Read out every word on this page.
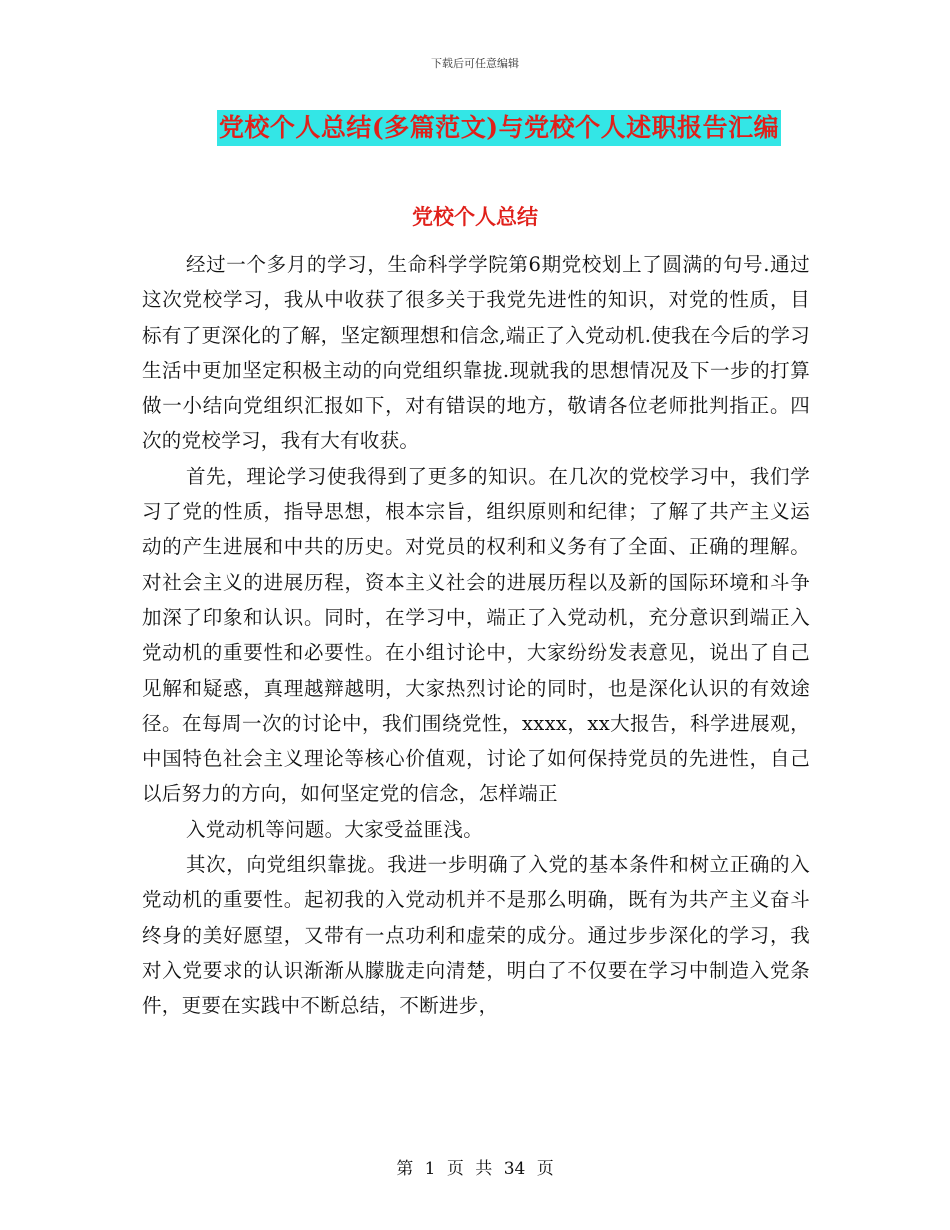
下载后可任意编辑
党校个人总结(多篇范文)与党校个人述职报告汇编
党校个人总结

经过一个多月的学习，生命科学学院第6期党校划上了圆满的句号.通过这次党校学习，我从中收获了很多关于我党先进性的知识，对党的性质，目标有了更深化的了解，坚定额理想和信念,端正了入党动机.使我在今后的学习生活中更加坚定积极主动的向党组织靠拢.现就我的思想情况及下一步的打算做一小结向党组织汇报如下，对有错误的地方，敬请各位老师批判指正。四次的党校学习，我有大有收获。

首先，理论学习使我得到了更多的知识。在几次的党校学习中，我们学习了党的性质，指导思想，根本宗旨，组织原则和纪律；了解了共产主义运动的产生进展和中共的历史。对党员的权利和义务有了全面、正确的理解。对社会主义的进展历程，资本主义社会的进展历程以及新的国际环境和斗争加深了印象和认识。同时，在学习中，端正了入党动机，充分意识到端正入党动机的重要性和必要性。在小组讨论中，大家纷纷发表意见，说出了自己见解和疑惑，真理越辩越明，大家热烈讨论的同时，也是深化认识的有效途径。在每周一次的讨论中，我们围绕党性，xxxx，xx大报告，科学进展观，中国特色社会主义理论等核心价值观，讨论了如何保持党员的先进性，自己以后努力的方向，如何坚定党的信念，怎样端正

入党动机等问题。大家受益匪浅。

其次，向党组织靠拢。我进一步明确了入党的基本条件和树立正确的入党动机的重要性。起初我的入党动机并不是那么明确，既有为共产主义奋斗终身的美好愿望，又带有一点功利和虚荣的成分。通过步步深化的学习，我对入党要求的认识渐渐从朦胧走向清楚，明白了不仅要在学习中制造入党条件，更要在实践中不断总结，不断进步，

第 1 页 共 34 页
